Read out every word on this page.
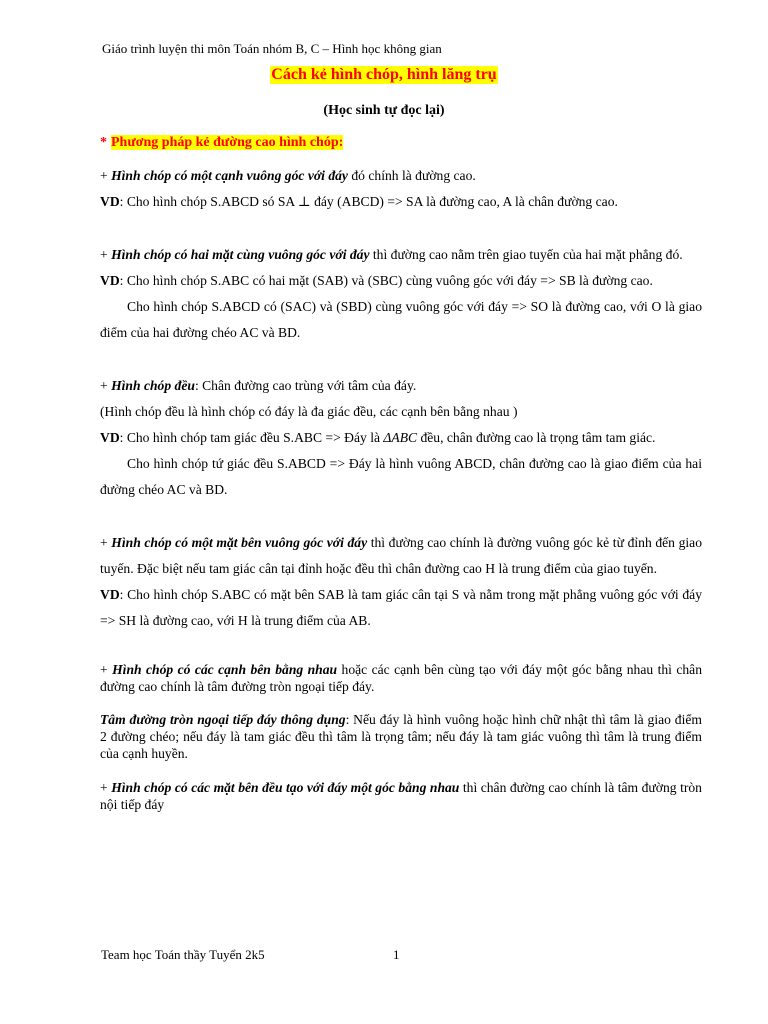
Giáo trình luyện thi môn Toán nhóm B, C – Hình học không gian
Cách kẻ hình chóp, hình lăng trụ
(Học sinh tự đọc lại)
* Phương pháp kẻ đường cao hình chóp:

+ Hình chóp có một cạnh vuông góc với đáy đó chính là đường cao.

VD: Cho hình chóp S.ABCD só SA ⊥ đáy (ABCD) => SA là đường cao, A là chân đường cao.

+ Hình chóp có hai mặt cùng vuông góc với đáy thì đường cao nằm trên giao tuyến của hai mặt phẳng đó.

VD: Cho hình chóp S.ABC có hai mặt (SAB) và (SBC) cùng vuông góc với đáy => SB là đường cao.

Cho hình chóp S.ABCD có (SAC) và (SBD) cùng vuông góc với đáy => SO là đường cao, với O là giao điểm của hai đường chéo AC và BD.

+ Hình chóp đều: Chân đường cao trùng với tâm của đáy.

(Hình chóp đều là hình chóp có đáy là đa giác đều, các cạnh bên bằng nhau )

VD: Cho hình chóp tam giác đều S.ABC => Đáy là ΔABC đều, chân đường cao là trọng tâm tam giác.

Cho hình chóp tứ giác đều S.ABCD => Đáy là hình vuông ABCD, chân đường cao là giao điểm của hai đường chéo AC và BD.

+ Hình chóp có một mặt bên vuông góc với đáy thì đường cao chính là đường vuông góc kẻ từ đỉnh đến giao tuyến. Đặc biệt nếu tam giác cân tại đỉnh hoặc đều thì chân đường cao H là trung điểm của giao tuyến.

VD: Cho hình chóp S.ABC có mặt bên SAB là tam giác cân tại S và nằm trong mặt phẳng vuông góc với đáy => SH là đường cao, với H là trung điểm của AB.

+ Hình chóp có các cạnh bên bằng nhau hoặc các cạnh bên cùng tạo với đáy một góc bằng nhau thì chân đường cao chính là tâm đường tròn ngoại tiếp đáy.

Tâm đường tròn ngoại tiếp đáy thông dụng: Nếu đáy là hình vuông hoặc hình chữ nhật thì tâm là giao điểm 2 đường chéo; nếu đáy là tam giác đều thì tâm là trọng tâm; nếu đáy là tam giác vuông thì tâm là trung điểm của cạnh huyền.

+ Hình chóp có các mặt bên đều tạo với đáy một góc bằng nhau thì chân đường cao chính là tâm đường tròn nội tiếp đáy

Team học Toán thầy Tuyển 2k5	1
